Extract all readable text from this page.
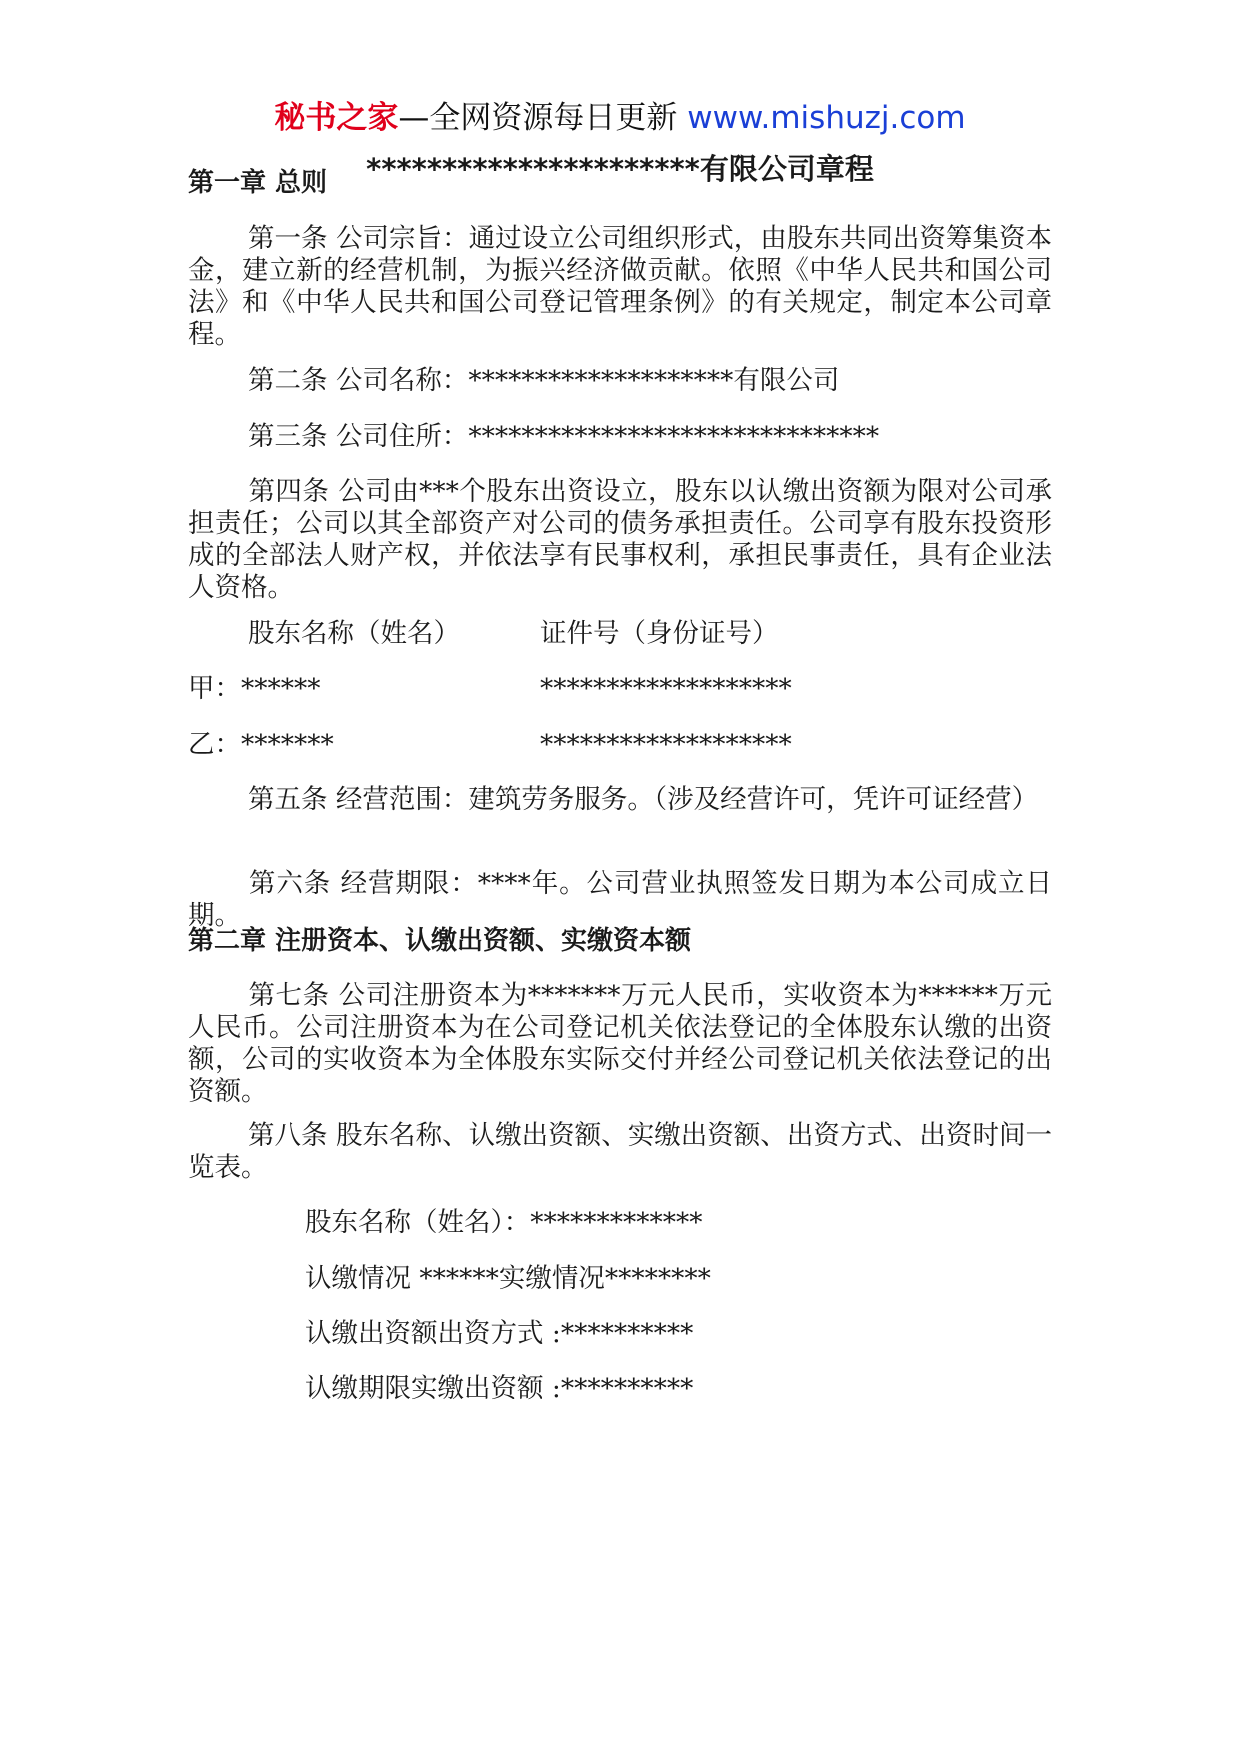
秘书之家—全网资源每日更新 www.mishuzj.com
**********************有限公司章程
第一章 总则
第一条 公司宗旨：通过设立公司组织形式，由股东共同出资筹集资本金，建立新的经营机制，为振兴经济做贡献。依照《中华人民共和国公司法》和《中华人民共和国公司登记管理条例》的有关规定，制定本公司章程。
第二条 公司名称：********************有限公司
第三条 公司住所：*******************************
第四条 公司由***个股东出资设立，股东以认缴出资额为限对公司承担责任；公司以其全部资产对公司的债务承担责任。公司享有股东投资形成的全部法人财产权，并依法享有民事权利，承担民事责任，具有企业法人资格。
股东名称（姓名）	证件号（身份证号）
甲：******	*******************
乙：*******	*******************
第五条 经营范围：建筑劳务服务。（涉及经营许可，凭许可证经营）
第六条 经营期限：****年。公司营业执照签发日期为本公司成立日期。
第二章 注册资本、认缴出资额、实缴资本额
第七条 公司注册资本为*******万元人民币，实收资本为******万元人民币。公司注册资本为在公司登记机关依法登记的全体股东认缴的出资额，公司的实收资本为全体股东实际交付并经公司登记机关依法登记的出资额。
第八条 股东名称、认缴出资额、实缴出资额、出资方式、出资时间一览表。
股东名称（姓名）：*************
认缴情况 ******实缴情况********
认缴出资额出资方式 :**********
认缴期限实缴出资额 :**********
